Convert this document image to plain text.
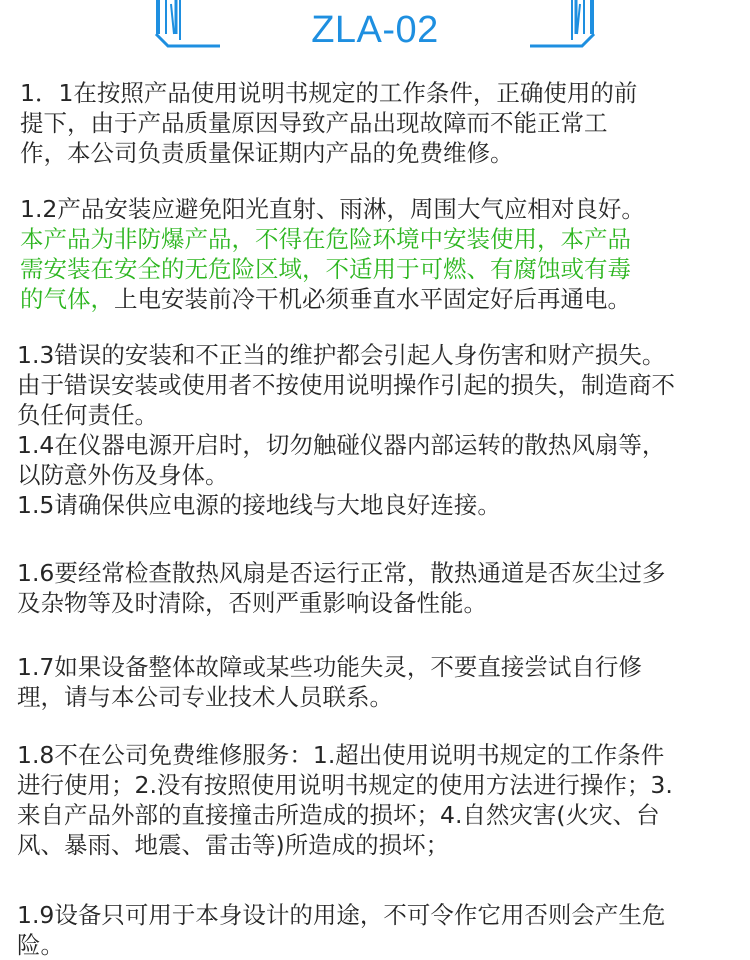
ZLA-02
1．1在按照产品使用说明书规定的工作条件，正确使用的前
提下，由于产品质量原因导致产品出现故障而不能正常工
作，本公司负责质量保证期内产品的免费维修。
1.2产品安装应避免阳光直射、雨淋，周围大气应相对良好。
本产品为非防爆产品，不得在危险环境中安装使用，本产品
需安装在安全的无危险区域，不适用于可燃、有腐蚀或有毒
的气体，上电安装前冷干机必须垂直水平固定好后再通电。
1.3错误的安装和不正当的维护都会引起人身伤害和财产损失。
由于错误安装或使用者不按使用说明操作引起的损失，制造商不
负任何责任。
1.4在仪器电源开启时，切勿触碰仪器内部运转的散热风扇等，
以防意外伤及身体。
1.5请确保供应电源的接地线与大地良好连接。
1.6要经常检查散热风扇是否运行正常，散热通道是否灰尘过多
及杂物等及时清除，否则严重影响设备性能。
1.7如果设备整体故障或某些功能失灵，不要直接尝试自行修
理，请与本公司专业技术人员联系。
1.8不在公司免费维修服务：1.超出使用说明书规定的工作条件
进行使用；2.没有按照使用说明书规定的使用方法进行操作；3.
来自产品外部的直接撞击所造成的损坏；4.自然灾害(火灾、台
风、暴雨、地震、雷击等)所造成的损坏；
1.9设备只可用于本身设计的用途，不可令作它用否则会产生危
险。
